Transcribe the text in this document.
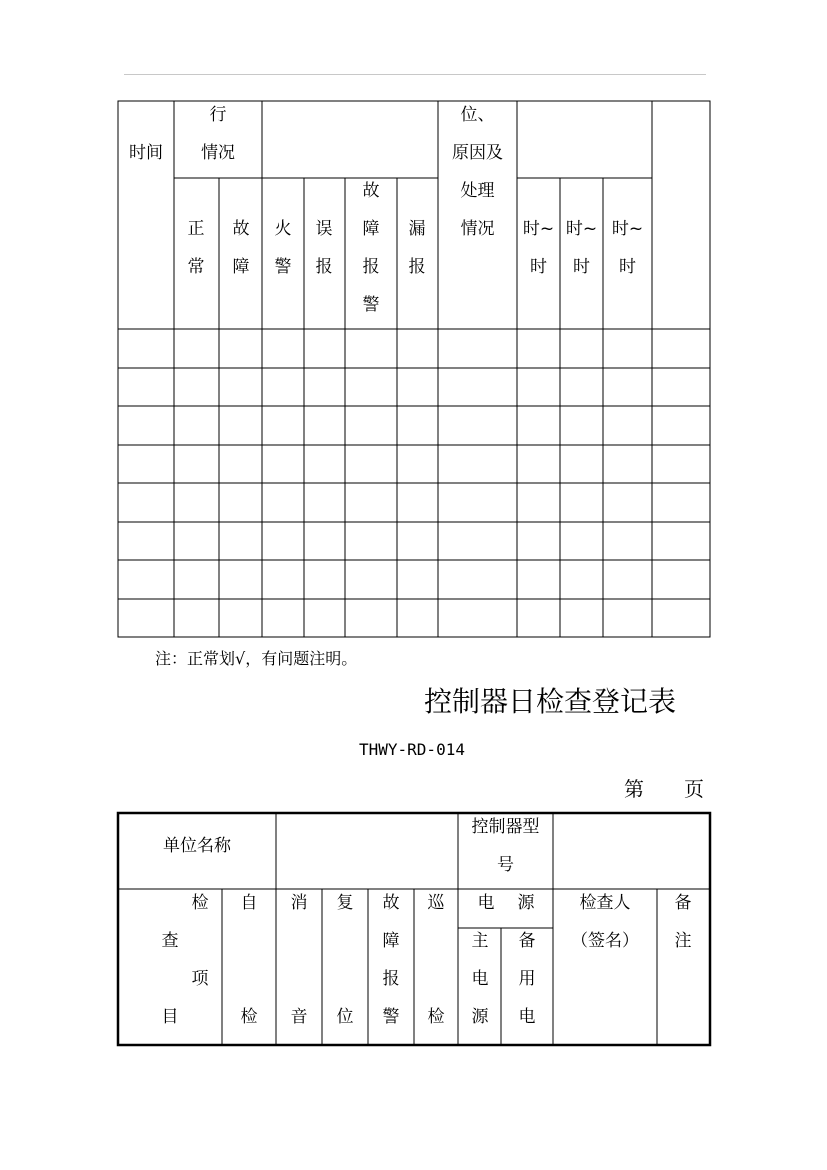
时间
行
情况
位、
原因及
处理
情况
正
常
故
障
火
警
误
报
故
障
报
警
漏
报
时~
时
时~
时
时~
时
注：正常划√，有问题注明。
控制器日检查登记表
THWY-RD-014
第 页
单位名称
控制器型
号
检
查
项
目
自
检
消
音
复
位
故
障
报
警
巡
检
电 源
主
电
源
备
用
电
检查人
（签名）
备
注
